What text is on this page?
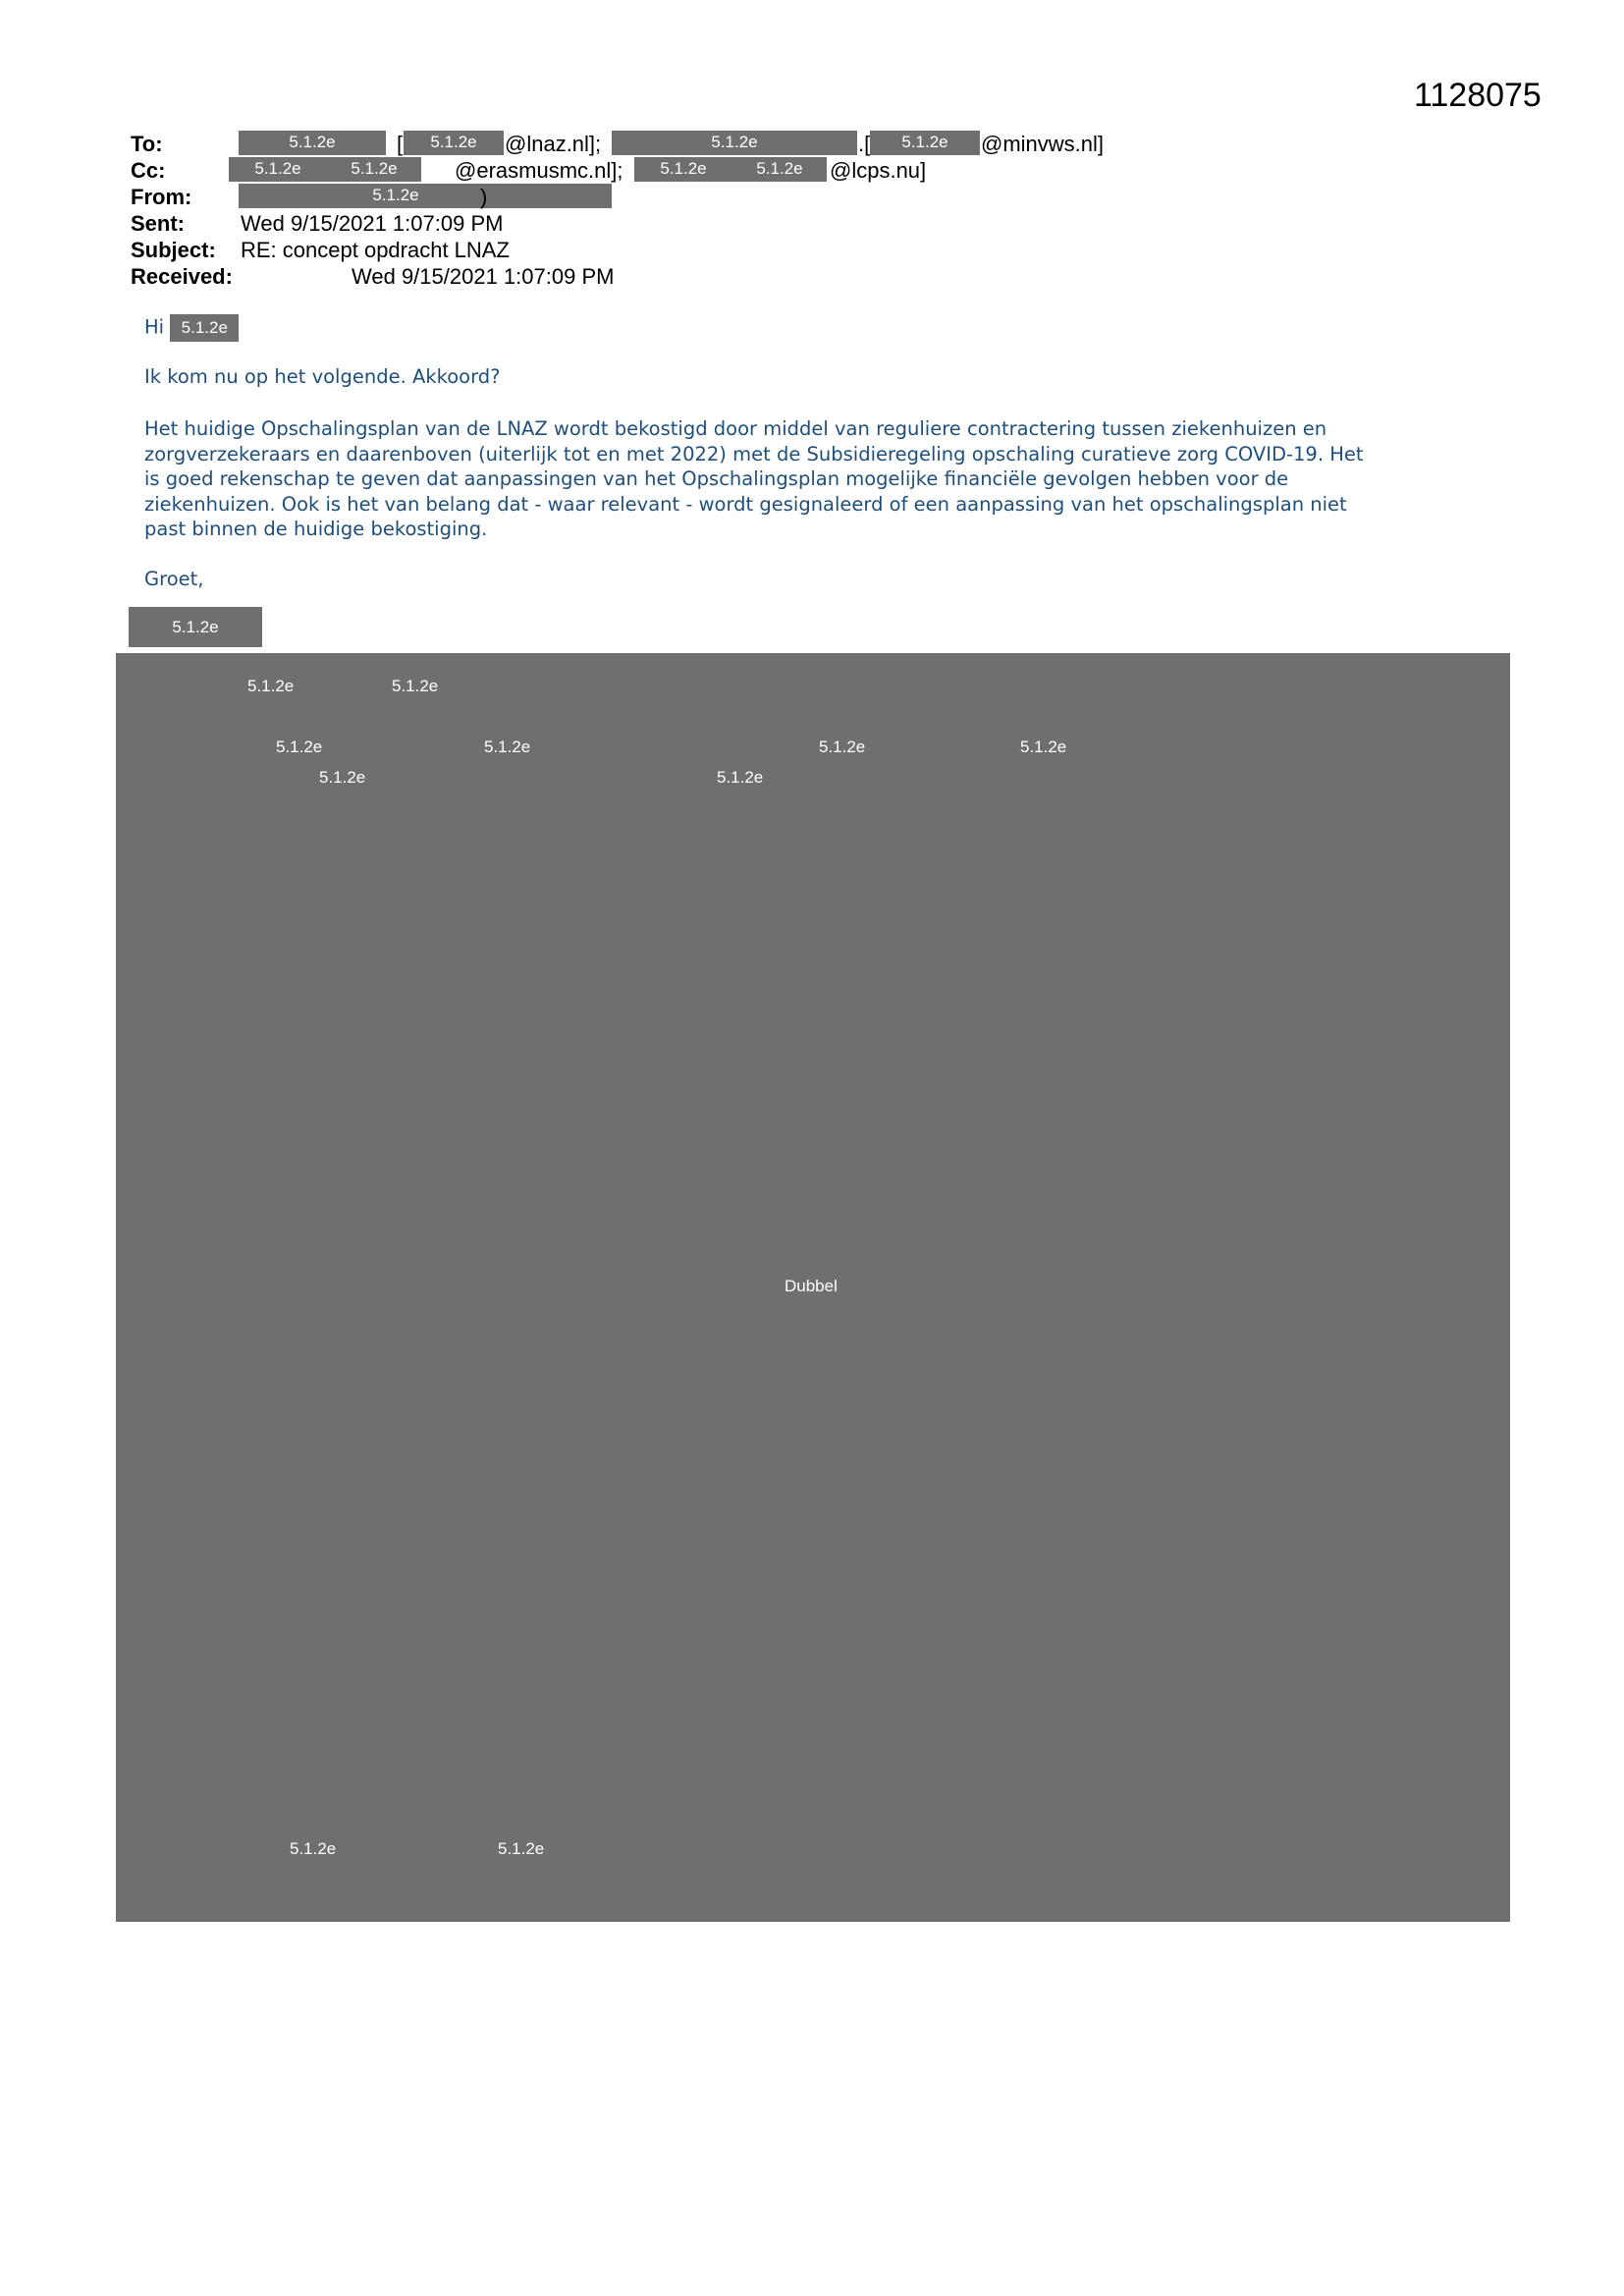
1128075
To:	5.1.2e	[	5.1.2e	@lnaz.nl];	5.1.2e	.[	5.1.2e	@minvws.nl]
Cc:	5.1.2e	5.1.2e	@erasmusmc.nl];	5.1.2e	5.1.2e	@lcps.nu]
From:	5.1.2e	)
Sent:	Wed 9/15/2021 1:07:09 PM
Subject: RE: concept opdracht LNAZ
Received:	Wed 9/15/2021 1:07:09 PM
Hi 5.1.2e
Ik kom nu op het volgende. Akkoord?
Het huidige Opschalingsplan van de LNAZ wordt bekostigd door middel van reguliere contractering tussen ziekenhuizen en
zorgverzekeraars en daarenboven (uiterlijk tot en met 2022) met de Subsidieregeling opschaling curatieve zorg COVID-19. Het
is goed rekenschap te geven dat aanpassingen van het Opschalingsplan mogelijke financiële gevolgen hebben voor de
ziekenhuizen. Ook is het van belang dat - waar relevant - wordt gesignaleerd of een aanpassing van het opschalingsplan niet
past binnen de huidige bekostiging.
Groet,
5.1.2e
5.1.2e	5.1.2e
5.1.2e	5.1.2e	5.1.2e	5.1.2e
5.1.2e	5.1.2e
Dubbel
5.1.2e	5.1.2e
